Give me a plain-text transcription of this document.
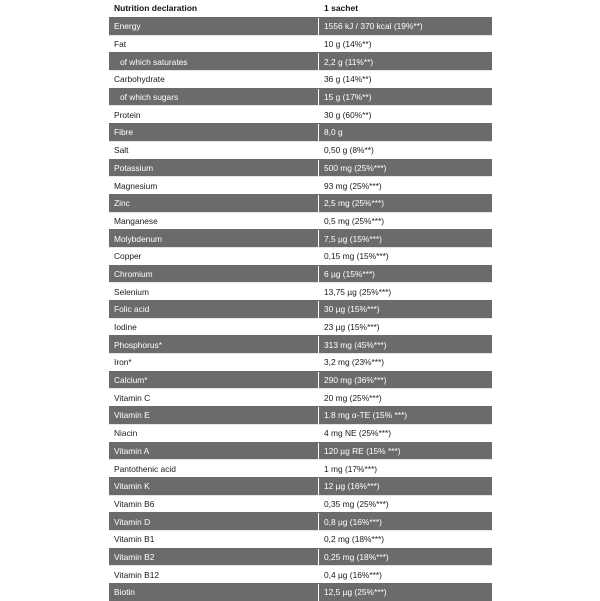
Nutrition declaration	1 sachet
Energy	1556 kJ / 370 kcal (19%**)
Fat	10 g (14%**)
of which saturates	2,2 g (11%**)
Carbohydrate	36 g (14%**)
of which sugars	15 g (17%**)
Protein	30 g (60%**)
Fibre	8,0 g
Salt	0,50 g (8%**)
Potassium	500 mg (25%***)
Magnesium	93 mg (25%***)
Zinc	2,5 mg (25%***)
Manganese	0,5 mg (25%***)
Molybdenum	7,5 µg (15%***)
Copper	0,15 mg (15%***)
Chromium	6 µg (15%***)
Selenium	13,75 µg (25%***)
Folic acid	30 µg (15%***)
Iodine	23 µg (15%***)
Phosphorus*	313 mg (45%***)
Iron*	3,2 mg (23%***)
Calcium*	290 mg (36%***)
Vitamin C	20 mg (25%***)
Vitamin E	1.8 mg α-TE (15% ***)
Niacin	4 mg NE (25%***)
Vitamin A	120 µg RE (15% ***)
Pantothenic acid	1 mg (17%***)
Vitamin K	12 µg (16%***)
Vitamin B6	0,35 mg (25%***)
Vitamin D	0,8 µg (16%***)
Vitamin B1	0,2 mg (18%***)
Vitamin B2	0,25 mg (18%***)
Vitamin B12	0,4 µg (16%***)
Biotin	12,5 µg (25%***)
